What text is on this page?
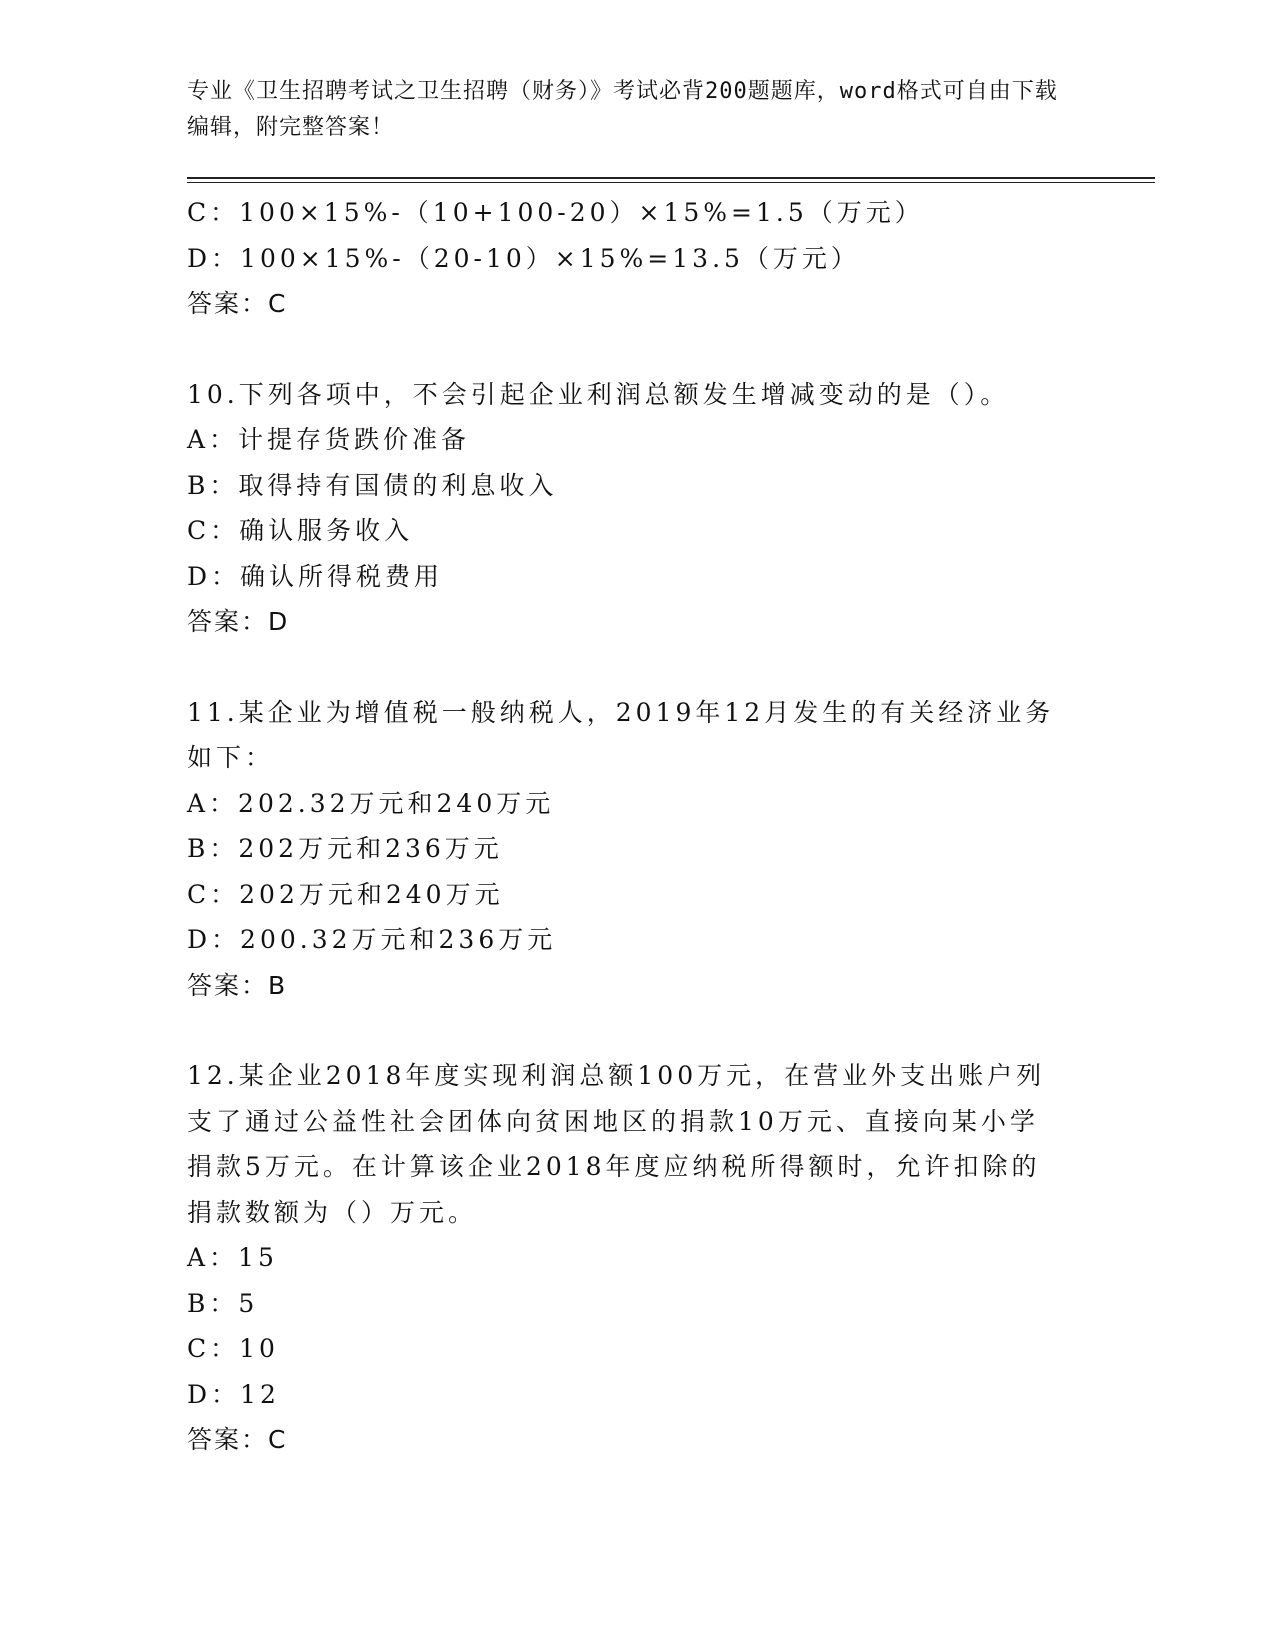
专业《卫生招聘考试之卫生招聘（财务）》考试必背200题题库，word格式可自由下载编辑，附完整答案！
C：100×15%-（10+100-20）×15%=1.5（万元）
D：100×15%-（20-10）×15%=13.5（万元）
答案：C
10.下列各项中，不会引起企业利润总额发生增减变动的是（）。
A：计提存货跌价准备
B：取得持有国债的利息收入
C：确认服务收入
D：确认所得税费用
答案：D
11.某企业为增值税一般纳税人，2019年12月发生的有关经济业务如下：
A：202.32万元和240万元
B：202万元和236万元
C：202万元和240万元
D：200.32万元和236万元
答案：B
12.某企业2018年度实现利润总额100万元，在营业外支出账户列支了通过公益性社会团体向贫困地区的捐款10万元、直接向某小学捐款5万元。在计算该企业2018年度应纳税所得额时，允许扣除的捐款数额为（）万元。
A：15
B：5
C：10
D：12
答案：C
